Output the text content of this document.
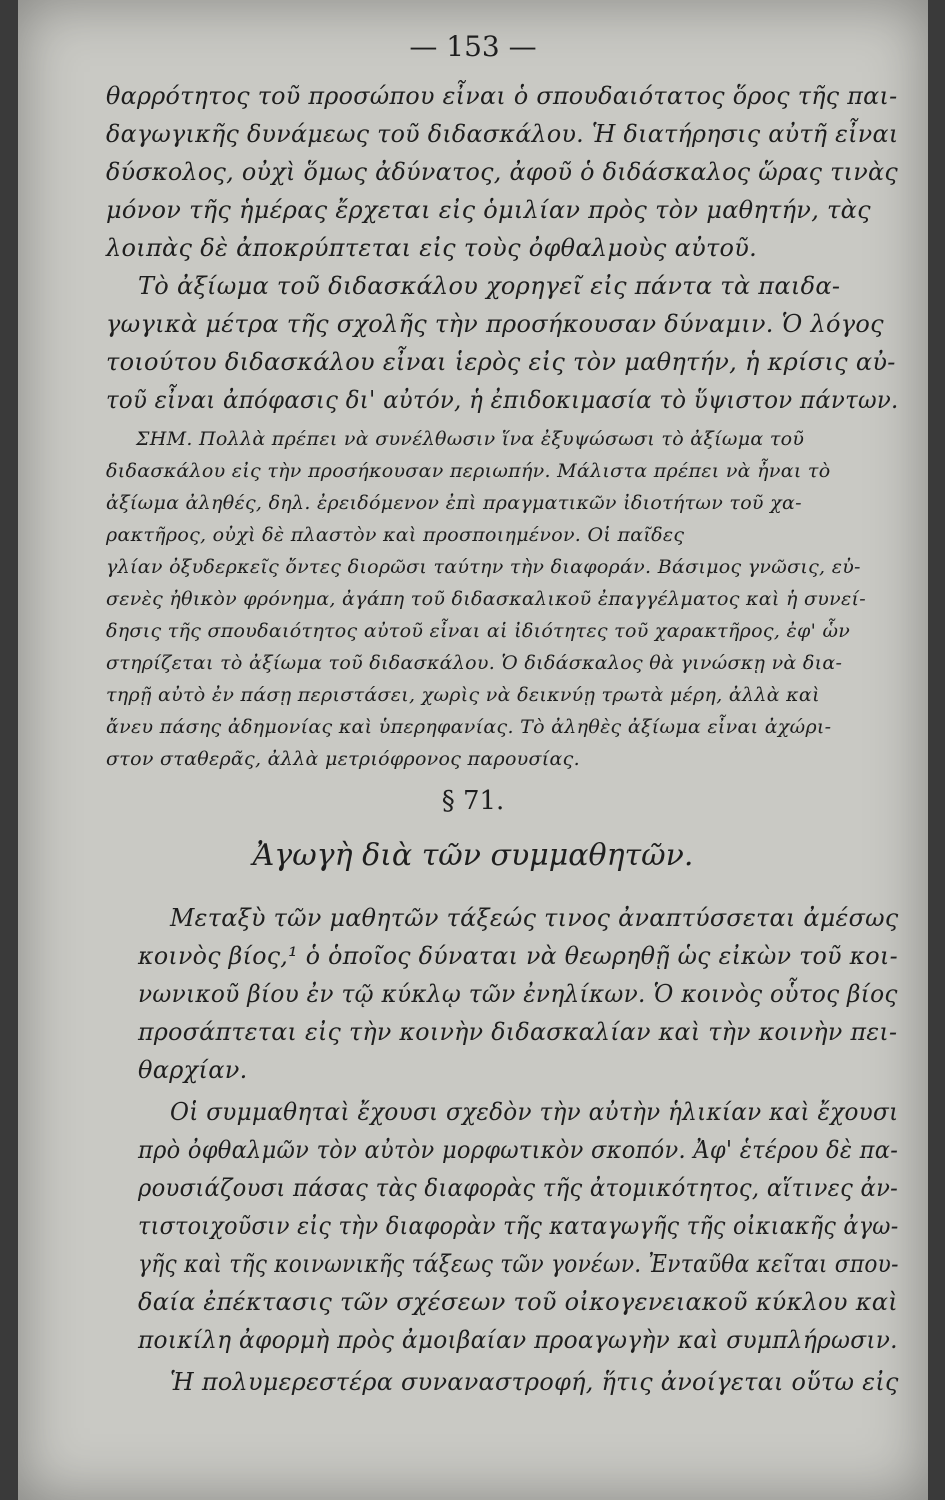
— 153 —
θαρρότητος τοῦ προσώπου εἶναι ὁ σπουδαιότατος ὅρος τῆς παι-
δαγωγικῆς δυνάμεως τοῦ διδασκάλου. Ἡ διατήρησις αὐτῆ εἶναι
δύσκολος, οὐχὶ ὅμως ἀδύνατος, ἀφοῦ ὁ διδάσκαλος ὥρας τινὰς
μόνον τῆς ἡμέρας ἔρχεται εἰς ὁμιλίαν πρὸς τὸν μαθητήν, τὰς
λοιπὰς δὲ ἀποκρύπτεται εἰς τοὺς ὀφθαλμοὺς αὐτοῦ.
Τὸ ἀξίωμα τοῦ διδασκάλου χορηγεῖ εἰς πάντα τὰ παιδα-
γωγικὰ μέτρα τῆς σχολῆς τὴν προσήκουσαν δύναμιν. Ὁ λόγος
τοιούτου διδασκάλου εἶναι ἱερὸς εἰς τὸν μαθητήν, ἡ κρίσις αὐ-
τοῦ εἶναι ἀπόφασις δι' αὐτόν, ἡ ἐπιδοκιμασία τὸ ὕψιστον πάντων.
ΣΗΜ. Πολλὰ πρέπει νὰ συνέλθωσιν ἵνα ἐξυψώσωσι τὸ ἀξίωμα τοῦ
διδασκάλου εἰς τὴν προσήκουσαν περιωπήν. Μάλιστα πρέπει νὰ ἦναι τὸ
ἀξίωμα ἀληθές, δηλ. ἐρειδόμενον ἐπὶ πραγματικῶν ἰδιοτήτων τοῦ χα-
ρακτῆρος, οὐχὶ δὲ πλαστὸν καὶ προσποιημένον. Οἱ παῖδες
γλίαν ὀξυδερκεῖς ὄντες διορῶσι ταύτην τὴν διαφοράν. Βάσιμος γνῶσις, εὐ-
σενὲς ἠθικὸν φρόνημα, ἀγάπη τοῦ διδασκαλικοῦ ἐπαγγέλματος καὶ ἡ συνεί-
δησις τῆς σπουδαιότητος αὐτοῦ εἶναι αἱ ἰδιότητες τοῦ χαρακτῆρος, ἐφ' ὧν
στηρίζεται τὸ ἀξίωμα τοῦ διδασκάλου. Ὁ διδάσκαλος θὰ γινώσκῃ νὰ δια-
τηρῇ αὐτὸ ἐν πάσῃ περιστάσει, χωρὶς νὰ δεικνύῃ τρωτὰ μέρη, ἀλλὰ καὶ
ἄνευ πάσης ἀδημονίας καὶ ὑπερηφανίας. Τὸ ἀληθὲς ἀξίωμα εἶναι ἀχώρι-
στον σταθερᾶς, ἀλλὰ μετριόφρονος παρουσίας.
§ 71.
Ἀγωγὴ διὰ τῶν συμμαθητῶν.
Μεταξὺ τῶν μαθητῶν τάξεώς τινος ἀναπτύσσεται ἀμέσως
κοινὸς βίος,¹ ὁ ὁποῖος δύναται νὰ θεωρηθῇ ὡς εἰκὼν τοῦ κοι-
νωνικοῦ βίου ἐν τῷ κύκλῳ τῶν ἐνηλίκων. Ὁ κοινὸς οὗτος βίος
προσάπτεται εἰς τὴν κοινὴν διδασκαλίαν καὶ τὴν κοινὴν πει-
θαρχίαν.
Οἱ συμμαθηταὶ ἔχουσι σχεδὸν τὴν αὐτὴν ἡλικίαν καὶ ἔχουσι
πρὸ ὀφθαλμῶν τὸν αὐτὸν μορφωτικὸν σκοπόν. Ἀφ' ἑτέρου δὲ πα-
ρουσιάζουσι πάσας τὰς διαφορὰς τῆς ἀτομικότητος, αἵτινες ἀν-
τιστοιχοῦσιν εἰς τὴν διαφορὰν τῆς καταγωγῆς τῆς οἰκιακῆς ἀγω-
γῆς καὶ τῆς κοινωνικῆς τάξεως τῶν γονέων. Ἐνταῦθα κεῖται σπου-
δαία ἐπέκτασις τῶν σχέσεων τοῦ οἰκογενειακοῦ κύκλου καὶ
ποικίλη ἀφορμὴ πρὸς ἀμοιβαίαν προαγωγὴν καὶ συμπλήρωσιν.
Ἡ πολυμερεστέρα συναναστροφή, ἥτις ἀνοίγεται οὕτω εἰς
